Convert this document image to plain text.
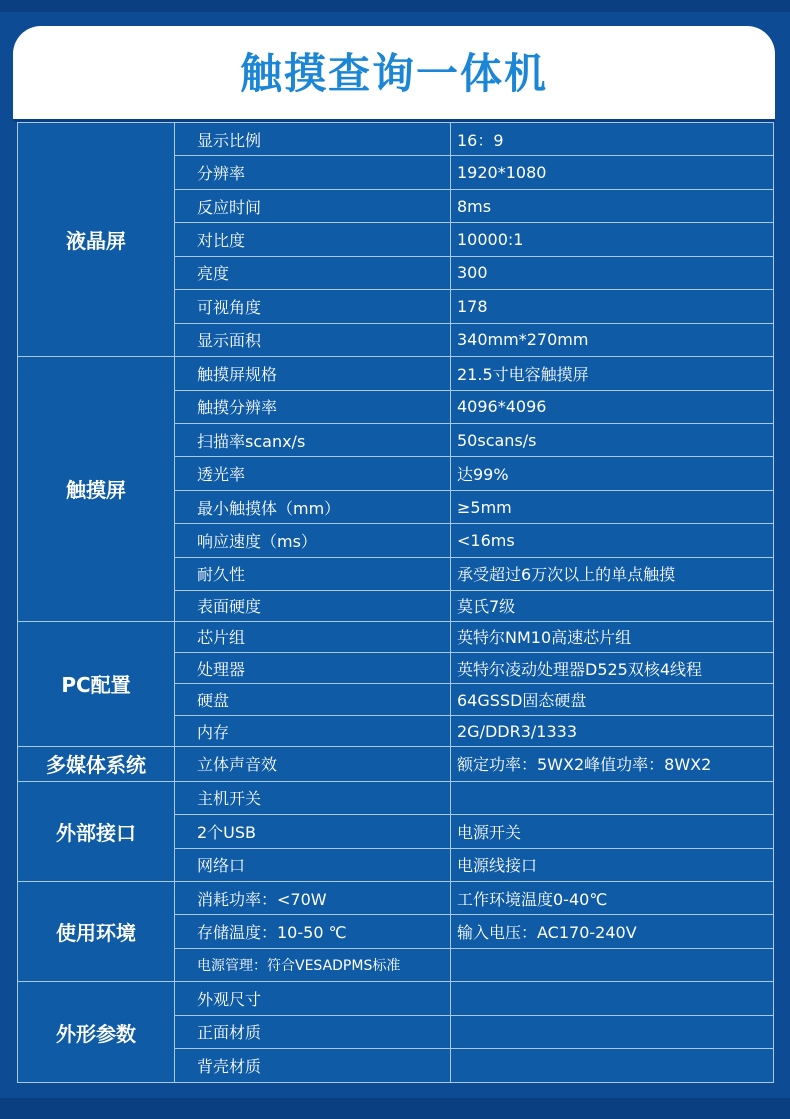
触摸查询一体机
液晶屏	显示比例	16：9
	分辨率	1920*1080
	反应时间	8ms
	对比度	10000:1
	亮度	300
	可视角度	178
	显示面积	340mm*270mm
触摸屏	触摸屏规格	21.5寸电容触摸屏
	触摸分辨率	4096*4096
	扫描率scanx/s	50scans/s
	透光率	达99%
	最小触摸体（mm）	≥5mm
	响应速度（ms）	<16ms
	耐久性	承受超过6万次以上的单点触摸
	表面硬度	莫氏7级
PC配置	芯片组	英特尔NM10高速芯片组
	处理器	英特尔凌动处理器D525双核4线程
	硬盘	64GSSD固态硬盘
	内存	2G/DDR3/1333
多媒体系统	立体声音效	额定功率：5WX2峰值功率：8WX2
外部接口	主机开关	
	2个USB	电源开关
	网络口	电源线接口
使用环境	消耗功率：<70W	工作环境温度0-40℃
	存储温度：10-50 ℃	输入电压：AC170-240V
	电源管理：符合VESADPMS标准	
外形参数	外观尺寸	
	正面材质	
	背壳材质	
